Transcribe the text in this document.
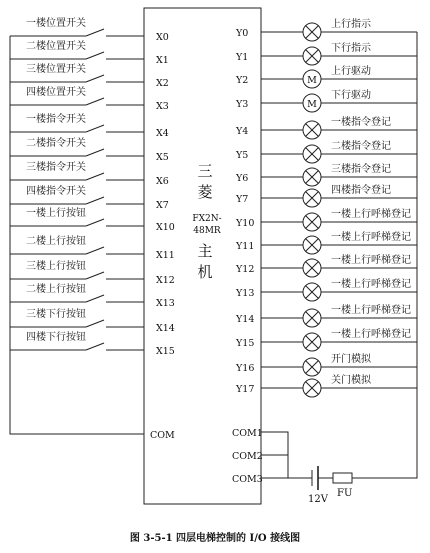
三
菱
FX2N-
48MR
主
机
一楼位置开关
X0
二楼位置开关
X1
三楼位置开关
X2
四楼位置开关
X3
一楼指令开关
X4
二楼指令开关
X5
三楼指令开关
X6
四楼指令开关
X7
一楼上行按钮
X10
二楼上行按钮
X11
三楼上行按钮
X12
二楼上行按钮
X13
三楼下行按钮
X14
四楼下行按钮
X15
Y0
上行指示
Y1
下行指示
Y2	M
上行驱动
Y3	M
下行驱动
Y4
一楼指令登记
Y5
二楼指令登记
Y6
三楼指令登记
Y7
四楼指令登记
Y10
一楼上行呼梯登记
Y11
一楼上行呼梯登记
Y12
一楼上行呼梯登记
Y13
一楼上行呼梯登记
Y14
一楼上行呼梯登记
Y15
一楼上行呼梯登记
Y16
开门模拟
Y17
关门模拟
COM	COM1
COM2
COM3
12V
FU
图 3-5-1 四层电梯控制的 I/O 接线图
